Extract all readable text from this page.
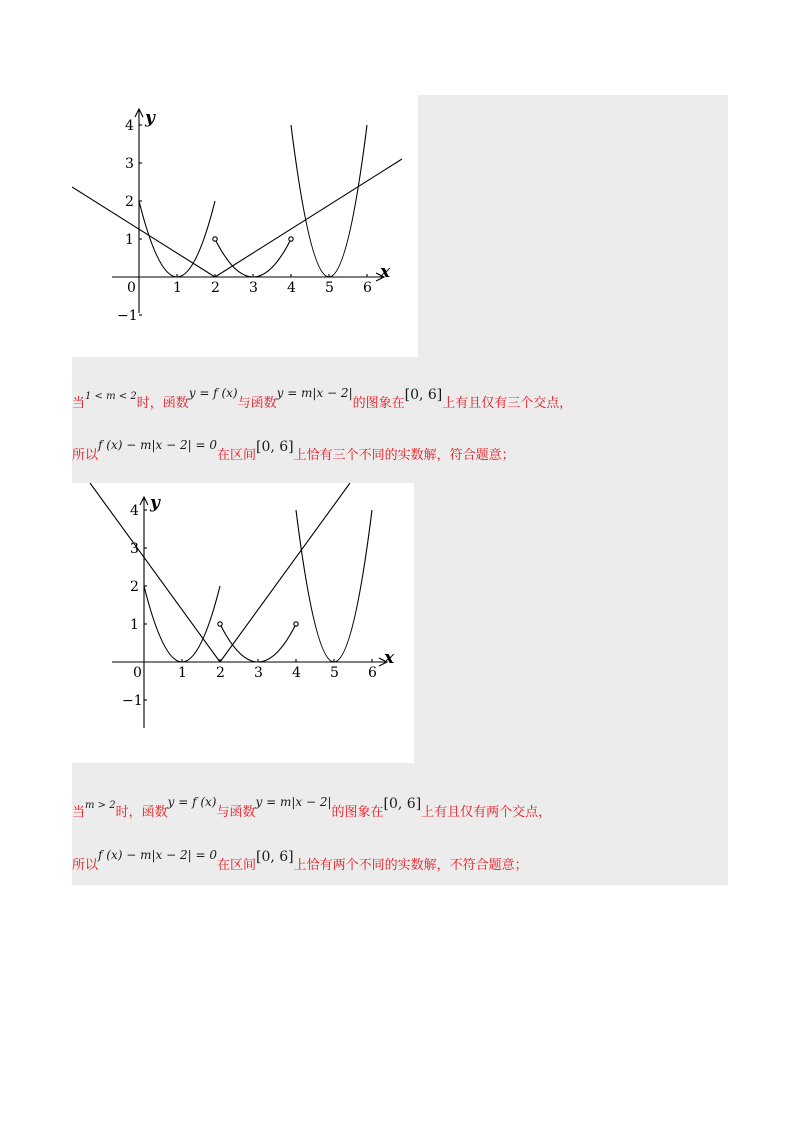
y
x
0	1 2 3 4 5 6
4
3
2
1
−1
当$^{1 < m < 2}$时，函数y = f (x)与函数y = m|x − 2|的图象在[0, 6]上有且仅有三个交点，
所以f (x) − m|x − 2| = 0在区间[0, 6]上恰有三个不同的实数解，符合题意；
y
x
0	1 2 3 4 5 6
4
3
2
1
−1
当$^{m > 2}$时，函数y = f (x)与函数y = m|x − 2|的图象在[0, 6]上有且仅有两个交点，
所以f (x) − m|x − 2| = 0在区间[0, 6]上恰有两个不同的实数解，不符合题意；
